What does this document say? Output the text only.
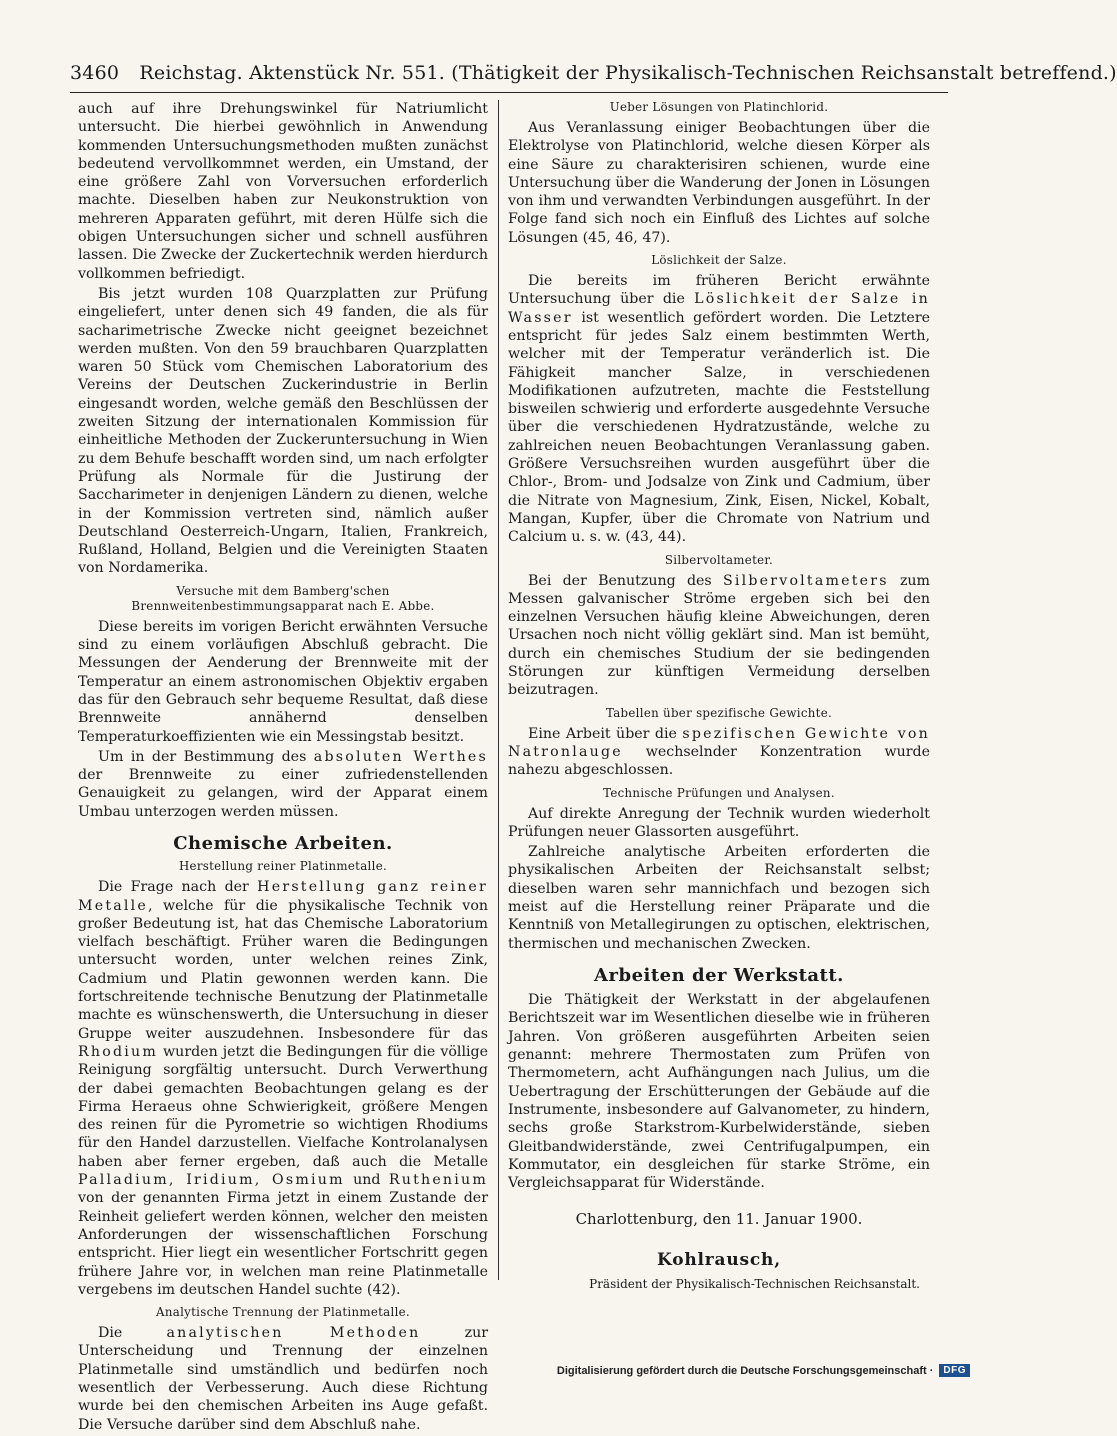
3460 Reichstag. Aktenstück Nr. 551. (Thätigkeit der Physikalisch-Technischen Reichsanstalt betreffend.)

auch auf ihre Drehungswinkel für Natriumlicht untersucht. Die hierbei gewöhnlich in Anwendung kommenden Untersuchungsmethoden mußten zunächst bedeutend vervollkommnet werden, ein Umstand, der eine größere Zahl von Vorversuchen erforderlich machte. Dieselben haben zur Neukonstruktion von mehreren Apparaten geführt, mit deren Hülfe sich die obigen Untersuchungen sicher und schnell ausführen lassen. Die Zwecke der Zuckertechnik werden hierdurch vollkommen befriedigt.

Bis jetzt wurden 108 Quarzplatten zur Prüfung eingeliefert, unter denen sich 49 fanden, die als für sacharimetrische Zwecke nicht geeignet bezeichnet werden mußten. Von den 59 brauchbaren Quarzplatten waren 50 Stück vom Chemischen Laboratorium des Vereins der Deutschen Zuckerindustrie in Berlin eingesandt worden, welche gemäß den Beschlüssen der zweiten Sitzung der internationalen Kommission für einheitliche Methoden der Zuckeruntersuchung in Wien zu dem Behufe beschafft worden sind, um nach erfolgter Prüfung als Normale für die Justirung der Saccharimeter in denjenigen Ländern zu dienen, welche in der Kommission vertreten sind, nämlich außer Deutschland Oesterreich-Ungarn, Italien, Frankreich, Rußland, Holland, Belgien und die Vereinigten Staaten von Nordamerika.

Versuche mit dem Bamberg'schen Brennweitenbestimmungsapparat nach E. Abbe.

Diese bereits im vorigen Bericht erwähnten Versuche sind zu einem vorläufigen Abschluß gebracht. Die Messungen der Aenderung der Brennweite mit der Temperatur an einem astronomischen Objektiv ergaben das für den Gebrauch sehr bequeme Resultat, daß diese Brennweite annähernd denselben Temperaturkoeffizienten wie ein Messingstab besitzt.

Um in der Bestimmung des absoluten Werthes der Brennweite zu einer zufriedenstellenden Genauigkeit zu gelangen, wird der Apparat einem Umbau unterzogen werden müssen.

Chemische Arbeiten.
Herstellung reiner Platinmetalle.

Die Frage nach der Herstellung ganz reiner Metalle, welche für die physikalische Technik von großer Bedeutung ist, hat das Chemische Laboratorium vielfach beschäftigt. Früher waren die Bedingungen untersucht worden, unter welchen reines Zink, Cadmium und Platin gewonnen werden kann. Die fortschreitende technische Benutzung der Platinmetalle machte es wünschenswerth, die Untersuchung in dieser Gruppe weiter auszudehnen. Insbesondere für das Rhodium wurden jetzt die Bedingungen für die völlige Reinigung sorgfältig untersucht. Durch Verwerthung der dabei gemachten Beobachtungen gelang es der Firma Heraeus ohne Schwierigkeit, größere Mengen des reinen für die Pyrometrie so wichtigen Rhodiums für den Handel darzustellen. Vielfache Kontrolanalysen haben aber ferner ergeben, daß auch die Metalle Palladium, Iridium, Osmium und Ruthenium von der genannten Firma jetzt in einem Zustande der Reinheit geliefert werden können, welcher den meisten Anforderungen der wissenschaftlichen Forschung entspricht. Hier liegt ein wesentlicher Fortschritt gegen frühere Jahre vor, in welchen man reine Platinmetalle vergebens im deutschen Handel suchte (42).

Analytische Trennung der Platinmetalle.

Die	analytischen Methoden	zur Unterscheidung und Trennung der einzelnen Platinmetalle sind umständlich und bedürfen noch wesentlich der Verbesserung. Auch diese Richtung wurde bei den chemischen Arbeiten ins Auge gefaßt. Die Versuche darüber sind dem Abschluß nahe.

Ueber Lösungen von Platinchlorid.

Aus Veranlassung einiger Beobachtungen über die Elektrolyse von Platinchlorid, welche diesen Körper als eine Säure zu charakterisiren schienen, wurde eine Untersuchung über die Wanderung der Jonen in Lösungen von ihm und verwandten Verbindungen ausgeführt. In der Folge fand sich noch ein Einfluß des Lichtes auf solche Lösungen (45, 46, 47).

Löslichkeit der Salze.

Die bereits im früheren Bericht erwähnte Untersuchung über die Löslichkeit der Salze in Wasser ist wesentlich gefördert worden. Die Letztere entspricht für jedes Salz einem bestimmten Werth, welcher mit der Temperatur veränderlich ist. Die Fähigkeit mancher Salze, in verschiedenen Modifikationen aufzutreten, machte die Feststellung bisweilen schwierig und erforderte ausgedehnte Versuche über die verschiedenen Hydratzustände, welche zu zahlreichen neuen Beobachtungen Veranlassung gaben. Größere Versuchsreihen wurden ausgeführt über die Chlor-, Brom- und Jodsalze von Zink und Cadmium, über die Nitrate von Magnesium, Zink, Eisen, Nickel, Kobalt, Mangan, Kupfer, über die Chromate von Natrium und Calcium u. s. w. (43, 44).

Silbervoltameter.

Bei der Benutzung des Silbervoltameters zum Messen galvanischer Ströme ergeben sich bei den einzelnen Versuchen häufig kleine Abweichungen, deren Ursachen noch nicht völlig geklärt sind. Man ist bemüht, durch ein chemisches Studium der sie bedingenden Störungen zur künftigen Vermeidung derselben beizutragen.

Tabellen über spezifische Gewichte.

Eine Arbeit über die spezifischen Gewichte von Natronlauge wechselnder Konzentration wurde nahezu abgeschlossen.

Technische Prüfungen und Analysen.

Auf direkte Anregung der Technik wurden wiederholt Prüfungen neuer Glassorten ausgeführt.

Zahlreiche analytische Arbeiten erforderten die physikalischen Arbeiten der Reichsanstalt selbst; dieselben waren sehr mannichfach und bezogen sich meist auf die Herstellung reiner Präparate und die Kenntniß von Metallegirungen zu optischen, elektrischen, thermischen und mechanischen Zwecken.

Arbeiten der Werkstatt.

Die Thätigkeit der Werkstatt in der abgelaufenen Berichtszeit war im Wesentlichen dieselbe wie in früheren Jahren. Von größeren ausgeführten Arbeiten seien genannt: mehrere Thermostaten zum Prüfen von Thermometern, acht Aufhängungen nach Julius, um die Uebertragung der Erschütterungen der Gebäude auf die Instrumente, insbesondere auf Galvanometer, zu hindern, sechs große Starkstrom-Kurbelwiderstände, sieben Gleitbandwiderstände, zwei Centrifugalpumpen, ein Kommutator, ein desgleichen für starke Ströme, ein Vergleichsapparat für Widerstände.

Charlottenburg, den 11. Januar 1900.
Kohlrausch,
Präsident der Physikalisch-Technischen Reichsanstalt.
Digitalisierung gefördert durch die Deutsche Forschungsgemeinschaft ·	DFG
